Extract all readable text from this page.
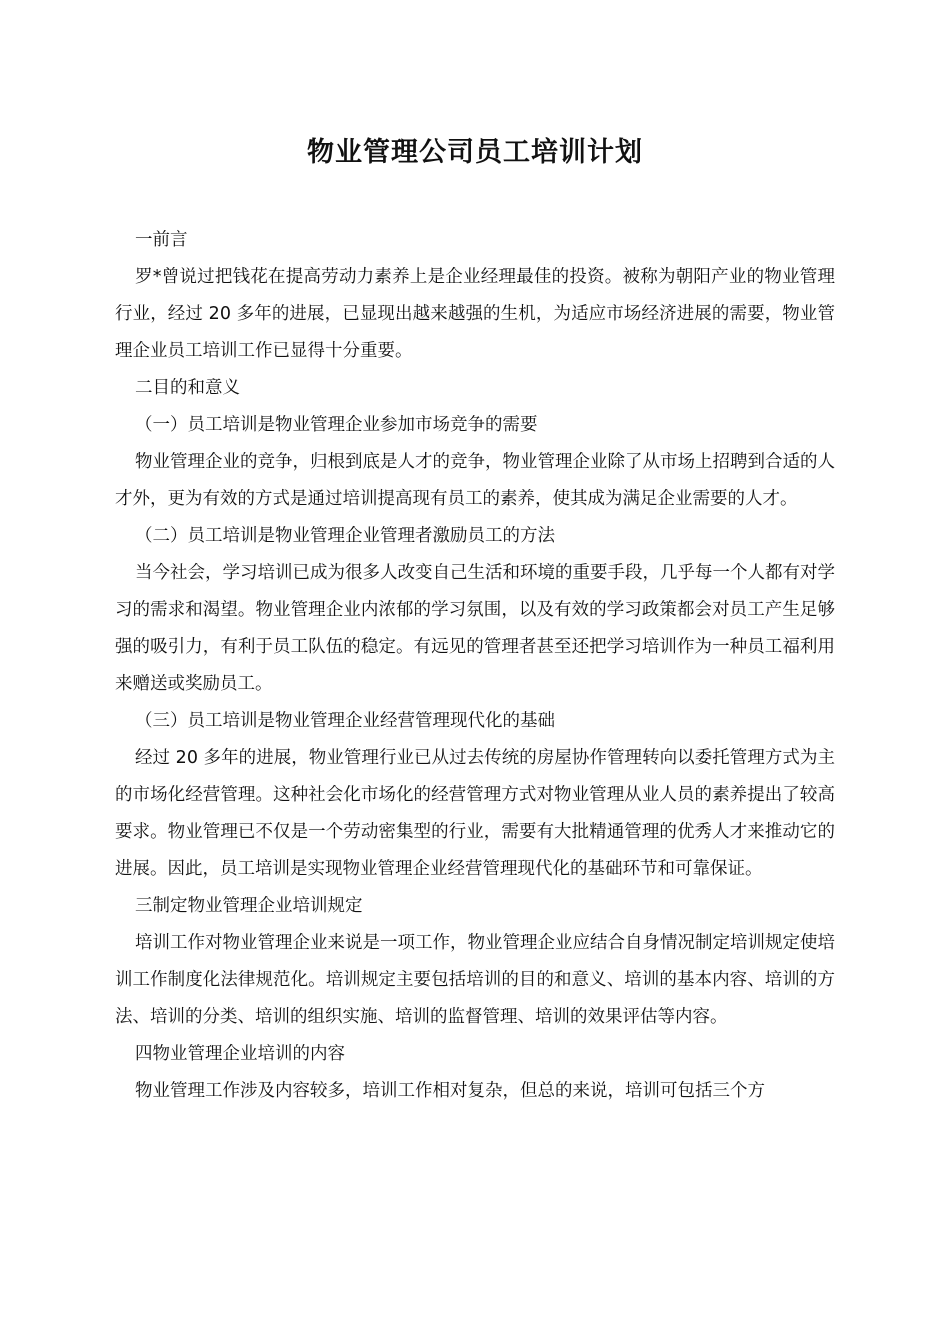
物业管理公司员工培训计划

一前言

罗*曾说过把钱花在提高劳动力素养上是企业经理最佳的投资。被称为朝阳产业的物业管理行业，经过 20 多年的进展，已显现出越来越强的生机，为适应市场经济进展的需要，物业管理企业员工培训工作已显得十分重要。

二目的和意义

（一）员工培训是物业管理企业参加市场竞争的需要

物业管理企业的竞争，归根到底是人才的竞争，物业管理企业除了从市场上招聘到合适的人才外，更为有效的方式是通过培训提高现有员工的素养，使其成为满足企业需要的人才。

（二）员工培训是物业管理企业管理者激励员工的方法

当今社会，学习培训已成为很多人改变自己生活和环境的重要手段，几乎每一个人都有对学习的需求和渴望。物业管理企业内浓郁的学习氛围，以及有效的学习政策都会对员工产生足够强的吸引力，有利于员工队伍的稳定。有远见的管理者甚至还把学习培训作为一种员工福利用来赠送或奖励员工。

（三）员工培训是物业管理企业经营管理现代化的基础

经过 20 多年的进展，物业管理行业已从过去传统的房屋协作管理转向以委托管理方式为主的市场化经营管理。这种社会化市场化的经营管理方式对物业管理从业人员的素养提出了较高要求。物业管理已不仅是一个劳动密集型的行业，需要有大批精通管理的优秀人才来推动它的进展。因此，员工培训是实现物业管理企业经营管理现代化的基础环节和可靠保证。

三制定物业管理企业培训规定

培训工作对物业管理企业来说是一项工作，物业管理企业应结合自身情况制定培训规定使培训工作制度化法律规范化。培训规定主要包括培训的目的和意义、培训的基本内容、培训的方法、培训的分类、培训的组织实施、培训的监督管理、培训的效果评估等内容。

四物业管理企业培训的内容

物业管理工作涉及内容较多，培训工作相对复杂，但总的来说，培训可包括三个方
